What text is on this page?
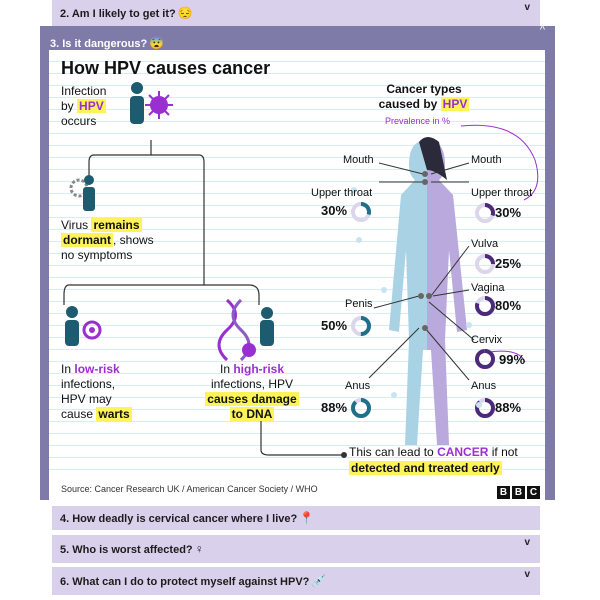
2. Am I likely to get it? 😔	v
3. Is it dangerous? 😨
^
How HPV causes cancer
Infection
by HPV
occurs
Virus remains
dormant , shows
no symptoms
In low-risk
infections,
HPV may
cause warts
In high-risk
infections, HPV
causes damage
to DNA
This can lead to CANCER if not
detected and treated early
Cancer types
caused by HPV
Prevalence in %
Mouth
Upper throat
30%
Penis
50%
Anus
88%
Mouth
Upper throat
30%
Vulva
25%
Vagina
80%
Cervix
99%
Anus
88%
Source: Cancer Research UK / American Cancer Society / WHO	B B C
4. How deadly is cervical cancer where I live? 📍
5. Who is worst affected? ♀	v
6. What can I do to protect myself against HPV? 💉	v
